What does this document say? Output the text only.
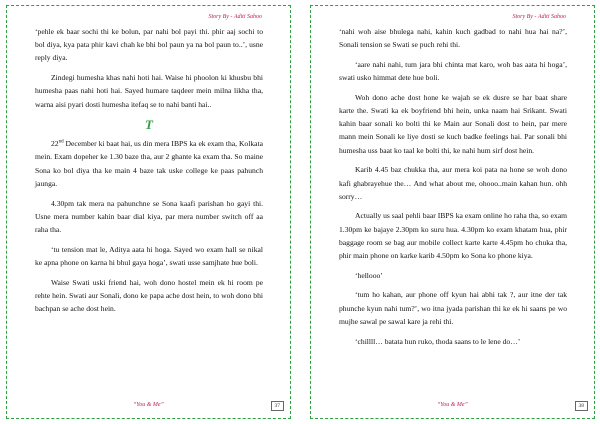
Story By - Aditi Sahoo

‘pehle ek baar sochi thi ke bolun, par nahi bol payi thi. phir aaj sochi to bol diya, kya pata phir kavi chah ke bhi bol paun ya na bol paun to..’, usne reply diya.

Zindegi humesha khas nahi hoti hai. Waise hi phoolon ki khusbu bhi humesha paas nahi hoti hai. Sayed humare taqdeer mein milna likha tha, warna aisi pyari dosti humesha itefaq se to nahi banti hai..

T

22nd December ki baat hai, us din mera IBPS ka ek exam tha, Kolkata mein. Exam dopeher ke 1.30 baze tha, aur 2 ghante ka exam tha. So maine Sona ko bol diya tha ke main 4 baze tak uske college ke paas pahunch jaunga.

4.30pm tak mera na pahunchne se Sona kaafi parishan ho gayi thi. Usne mera number kahin baar dial kiya, par mera number switch off aa raha tha.

‘tu tension mat le, Aditya aata hi hoga. Sayed wo exam hall se nikal ke apna phone on karna hi bhul gaya hoga’, swati usse samjhate hue boli.

Waise Swati uski friend hai, woh dono hostel mein ek hi room pe rehte hein. Swati aur Sonali, dono ke papa ache dost hein, to woh dono bhi bachpan se ache dost hein.

“You & Me”	37
Story By - Aditi Sahoo

‘nahi woh aise bhulega nahi, kahin kuch gadbad to nahi hua hai na?’, Sonali tension se Swati se puch rehi thi.

‘aare nahi nahi, tum jara bhi chinta mat karo, woh bas aata hi hoga’, swati usko himmat dete hue boli.

Woh dono ache dost hone ke wajah se ek dusre se har baat share karte the. Swati ka ek boyfriend bhi hein, unka naam hai Srikant. Swati kahin baar sonali ko bolti thi ke Main aur Sonali dost to hein, par mere mann mein Sonali ke liye dosti se kuch badke feelings hai. Par sonali bhi humesha uss baat ko taal ke bolti thi, ke nahi hum sirf dost hein.

Karib 4.45 baz chukka tha, aur mera koi pata na hone se woh dono kafi ghabrayehue thе… And what about me, ohooo..main kahan hun. ohh sorry…

Actually us saal pehli baar IBPS ka exam online ho raha tha, so exam 1.30pm ke bajaye 2.30pm ko suru hua. 4.30pm ko exam khatam hua, phir baggage room se bag aur mobile collect karte karte 4.45pm ho chuka tha, phir main phone on karke karib 4.50pm ko Sona ko phone kiya.

‘hellooo’

‘tum ho kahan, aur phone off kyun hai abhi tak ?, aur itne der tak phunche kyun nahi tum?’, wo itna jyada parishan thi ke ek hi saans pe wo mujhe sawal pe sawal kare ja rehi thi.

‘chillll… batata hun ruko, thoda saans to le lene do…’

“You & Me”	38
